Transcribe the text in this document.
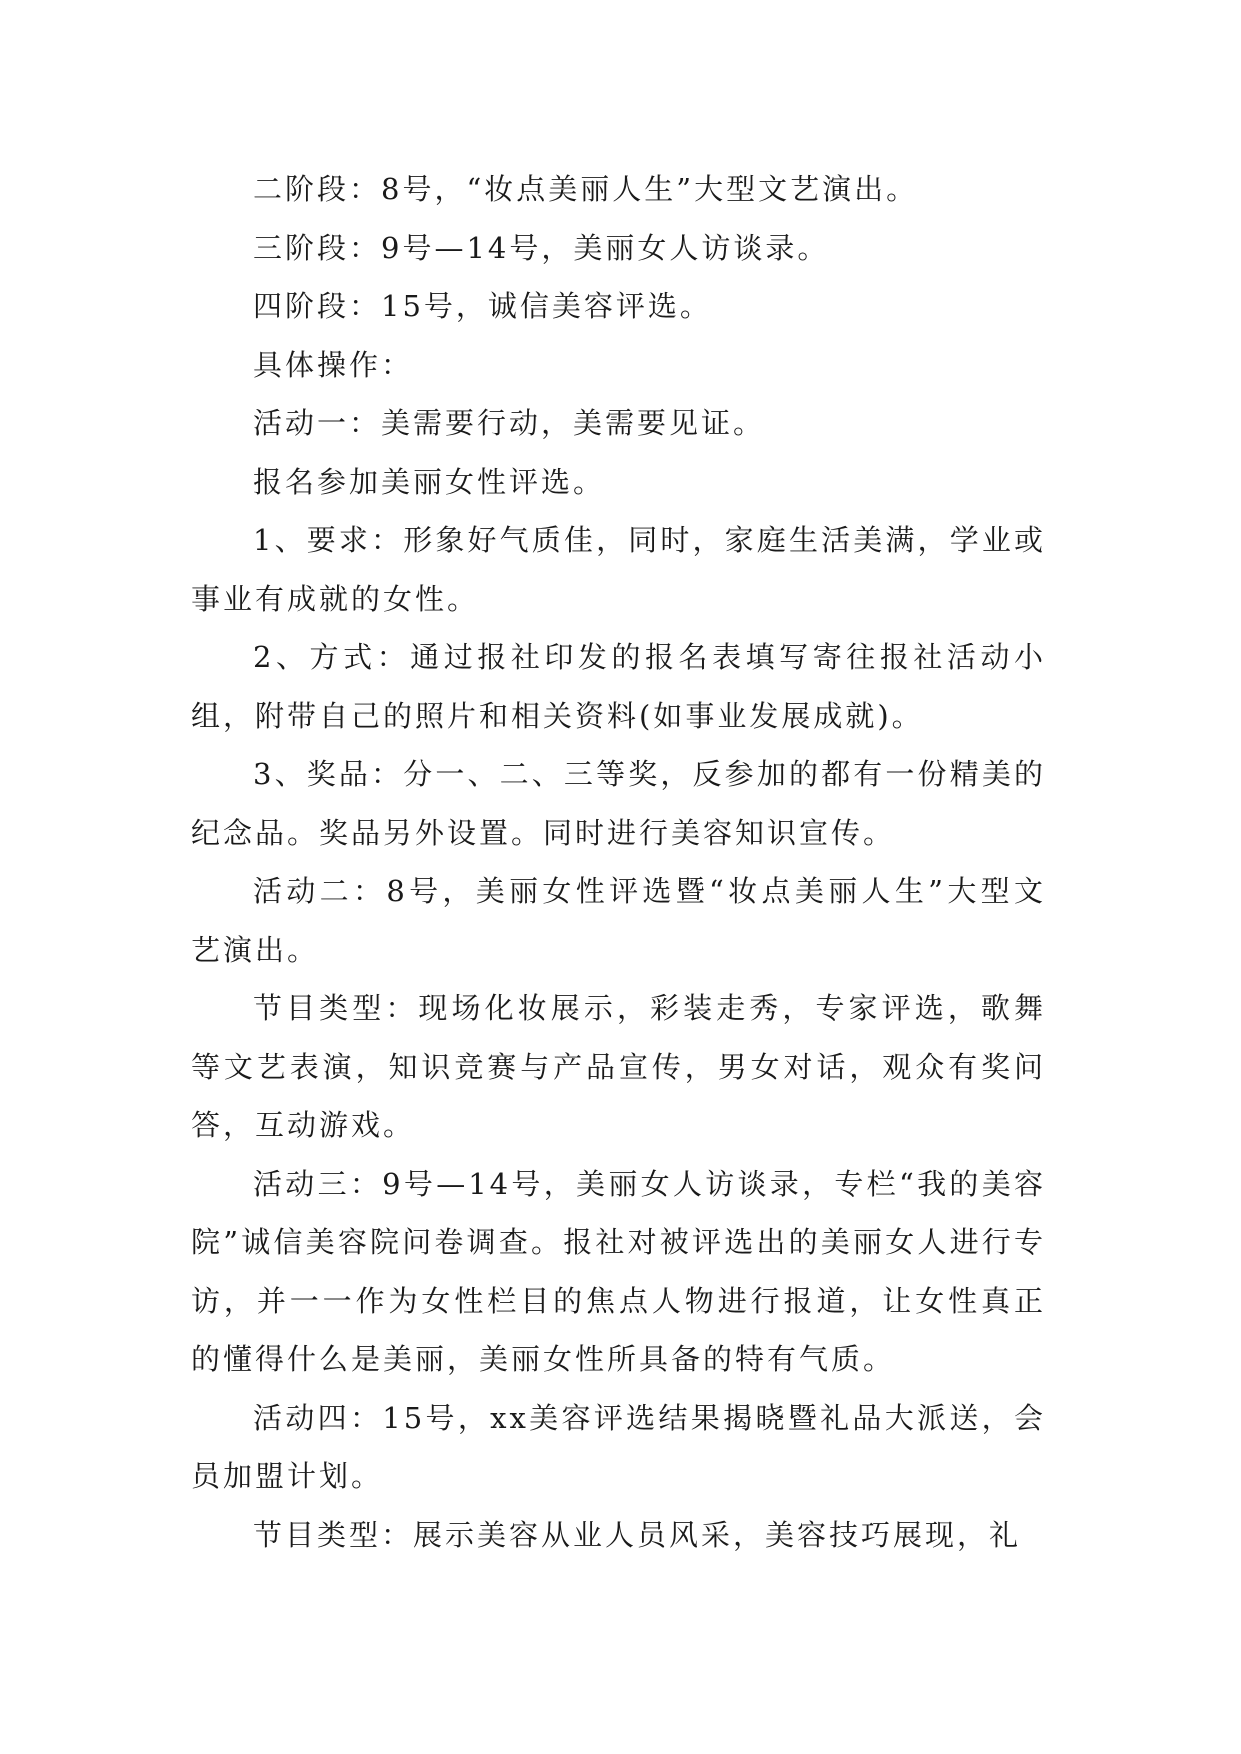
二阶段：8号，“妆点美丽人生”大型文艺演出。

三阶段：9号—14号，美丽女人访谈录。

四阶段：15号，诚信美容评选。

具体操作：

活动一：美需要行动，美需要见证。

报名参加美丽女性评选。

1、要求：形象好气质佳，同时，家庭生活美满，学业或事业有成就的女性。

2、方式：通过报社印发的报名表填写寄往报社活动小组，附带自己的照片和相关资料(如事业发展成就)。

3、奖品：分一、二、三等奖，反参加的都有一份精美的纪念品。奖品另外设置。同时进行美容知识宣传。

活动二：8号，美丽女性评选暨“妆点美丽人生”大型文艺演出。

节目类型：现场化妆展示，彩装走秀，专家评选，歌舞等文艺表演，知识竞赛与产品宣传，男女对话，观众有奖问答，互动游戏。

活动三：9号—14号，美丽女人访谈录，专栏“我的美容院”诚信美容院问卷调查。报社对被评选出的美丽女人进行专访，并一一作为女性栏目的焦点人物进行报道，让女性真正的懂得什么是美丽，美丽女性所具备的特有气质。

活动四：15号，xx美容评选结果揭晓暨礼品大派送，会员加盟计划。

节目类型：展示美容从业人员风采，美容技巧展现，礼
